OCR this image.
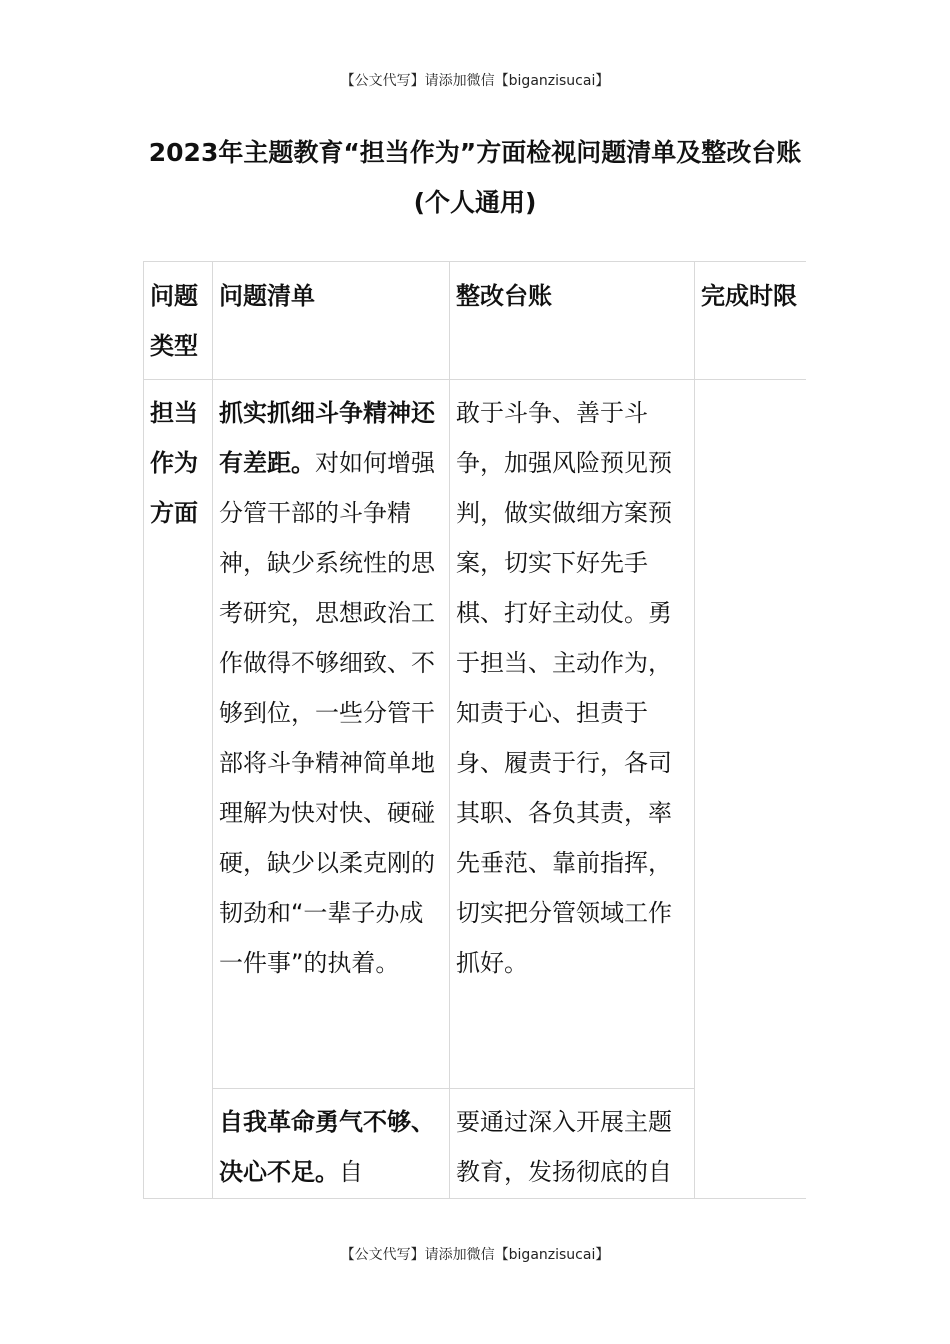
【公文代写】请添加微信【biganzisucai】
2023年主题教育“担当作为”方面检视问题清单及整改台账(个人通用)
问题类型	问题清单	整改台账	完成时限
担当作为方面	抓实抓细斗争精神还有差距。对如何增强分管干部的斗争精神，缺少系统性的思考研究，思想政治工作做得不够细致、不够到位，一些分管干部将斗争精神简单地理解为快对快、硬碰硬，缺少以柔克刚的韧劲和“一辈子办成一件事”的执着。	敢于斗争、善于斗争，加强风险预见预判，做实做细方案预案，切实下好先手棋、打好主动仗。勇于担当、主动作为，知责于心、担责于身、履责于行，各司其职、各负其责，率先垂范、靠前指挥，切实把分管领域工作抓好。	
	自我革命勇气不够、决心不足。自	要通过深入开展主题教育，发扬彻底的自	
【公文代写】请添加微信【biganzisucai】
